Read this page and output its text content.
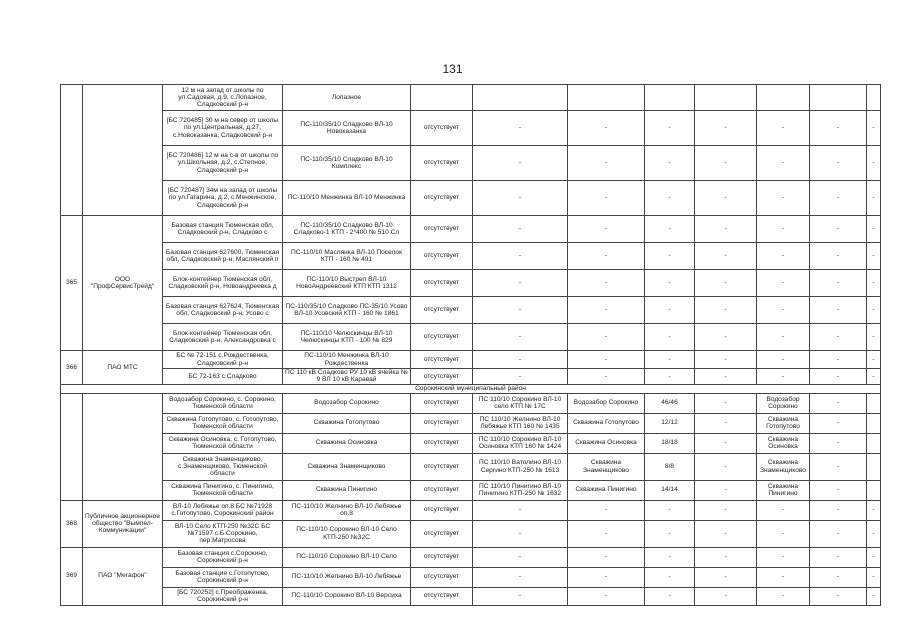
131
		12 м на запад от школы по ул.Садовая, д.9, с.Лопазное, Сладковский р-н	Лопазное								
		[БС 720485] 30 м на север от школы по ул.Центральная, д.27, с.Новоказанка, Сладковский р-н	ПС-110/35/10 Сладково ВЛ-10 Новоказанка	отсутствует	-	-	-	-	-	-	-
		[БС 720486] 12 м на с-в от школы по ул.Школьная, д.2, с.Степное, Сладковский р-н	ПС-110/35/10 Сладково ВЛ-10 Комплекс	отсутствует	-	-	-	-	-	-	-
		[БС 720487] 34м на запад от школы по ул.Гагарина, д.2, с.Менжинское, Сладковский р-н	ПС-110/10 Менжинка ВЛ-10 Менжинка	отсутствует	-	-	-	-	-	-	-
365	ООО "ПрофСервисТрейд"	Базовая станция Тюменская обл, Сладковский р-н, Сладково с	ПС-110/35/10 Сладково ВЛ-10 Сладково-1 КТП - 2*400 № 510 Сл	отсутствует	-	-	-	-	-	-	-
		Базовая станция 627600, Тюменская обл, Сладковский р-н, Маслянский п	ПС-110/10 Маслянка ВЛ-10 Поселок КТП - 160 № 491	отсутствует	-	-	-	-	-	-	-
		Блок-контейнер Тюменская обл, Сладковский р-н, Новоандреевка д	ПС-110/10 Выстрел ВЛ-10 НовоАндреевский КТП КТП 1312	отсутствует	-	-	-	-	-	-	-
		Базовая станция 627624, Тюменская обл, Сладковский р-н, Усово с	ПС-110/35/10 Сладково ПС-35/10 Усово ВЛ-10 Усовский КТП - 160 № 1861	отсутствует	-	-	-	-	-	-	-
		Блок-контейнер Тюменская обл, Сладковский р-н, Александровка с	ПС-110/10 Челюскинцы ВЛ-10 Челюскинцы КТП - 100 № 829	отсутствует	-	-	-	-	-	-	-
366	ПАО МТС	БС № 72-151 с.Рождественка, Сладковский р-н	ПС-110/10 Менжинка ВЛ-10 Рождественка	отсутствует	-	-	-	-	-	-	-
		БС 72-163 с.Сладково	ПС 110 кВ Сладково РУ 10 кВ ячейка № 9 ВЛ 10 кВ Каравай	отсутствует	-	-	-	-	-	-	-
Сорокинский муниципальный район											
		Водозабор Сорокино, с. Сорокино, Тюменской области	Водозабор Сорокино	отсутствует	ПС 110/10 Сорокино ВЛ-10 село КТП № 17С	Водозабор Сорокино	46/46	-	Водозабор Сорокино	-	
		Скважина Готопутово, с. Готопутово, Тюменской области	Скважина Готопутово	отсутствует	ПС 110/10 Желнино ВЛ-10 Лебяжье КТП 160 № 1435	Скважина Готопутово	12/12	-	Скважина Готопутово	-	
		Скважина Осиновка, с. Готопутово, Тюменской области	Скважина Осиновка	отсутствует	ПС 110/10 Сорокино ВЛ-10 Осиновка КТП 160 № 1424	Скважина Осиновка	18/18	-	Скважина Осиновка	-	
		Скважина Знаменщиково, с.Знаменщиково, Тюменской области	Скважина Знаменщиково	отсутствует	ПС 110/10 Ватолино ВЛ-10 Сергино КТП-250 № 1613	Скважина Знаменщиково	8/8	-	Скважина Знаменщиково	-	
		Скважина Пинигино, с. Пинигино, Тюменской области	Скважина Пинигино	отсутствует	ПС 110/10 Пинигино ВЛ-10 Пинигино КТП-250 № 1632	Скважина Пинигино	14/14	-	Скважина Пинигино	-	
368	Публичное акционерное общество "Вымпел-Коммуникации"	ВЛ-10 Лебяжье оп.8 БС №71928 с.Готопутово, Сорокинский район	ПС-110/10 Желнино ВЛ-10 Лебяжье оп.8	отсутствует	-	-	-	-	-	-	-
		ВЛ-10 Село КТП-250 №32С БС №71597 с.Б Сорокино, пер.Матросова	ПС-110/10 Сорокино ВЛ-10 Село КТП-250 №32С	отсутствует	-	-	-	-	-	-	-
369	ПАО "Мегафон"	Базовая станция с.Сорокино, Сорокинский р-н	ПС-110/10 Сорокино ВЛ-10 Село	отсутствует	-	-	-	-	-	-	-
		Базовая станция с.Готопутово, Сорокинский р-н	ПС-110/10 Желнино ВЛ-10 Лебяжье	отсутствует	-	-	-	-	-	-	-
		[БС 720252] с.Преображенка, Сорокинский р-н	ПС-110/10 Сорокино ВЛ-10 Версиха	отсутствует	-	-	-	-	-	-	-
